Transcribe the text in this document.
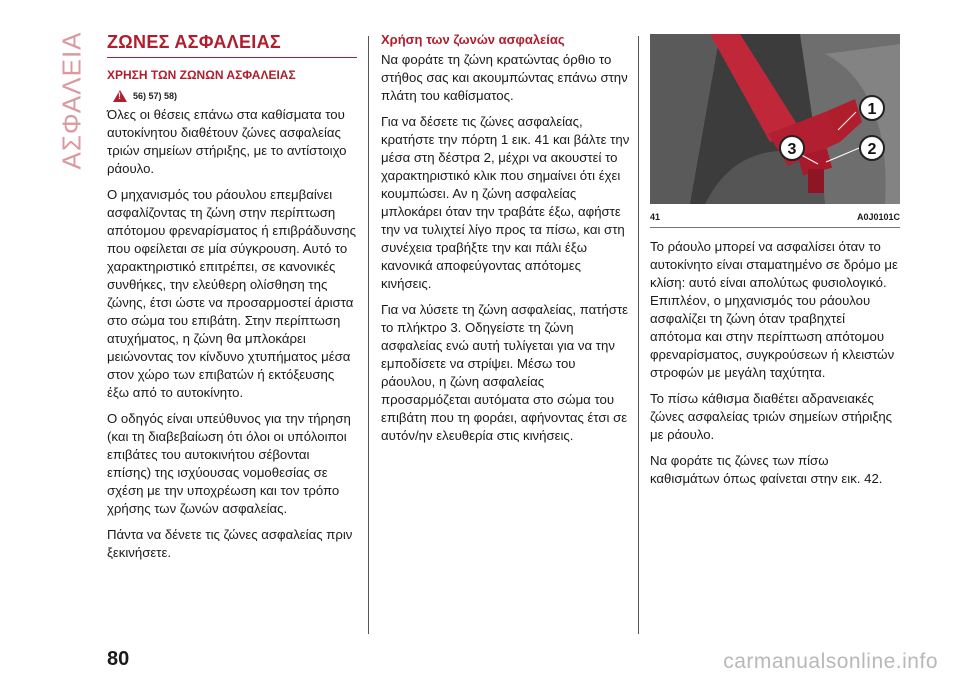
ΑΣΦΑΛΕΙΑ ΖΩΝΕΣ ΑΣΦΑΛΕΙΑΣ
ΧΡΗΣΗ ΤΩΝ ΖΩΝΩΝ ΑΣΦΑΛΕΙΑΣ
!
56) 57) 58)

Όλες οι θέσεις επάνω στα καθίσματα του αυτοκίνητου διαθέτουν ζώνες ασφαλείας τριών σημείων στήριξης, με το αντίστοιχο ράουλο.

Ο μηχανισμός του ράουλου επεμβαίνει ασφαλίζοντας τη ζώνη στην περίπτωση απότομου φρεναρίσματος ή επιβράδυνσης που οφείλεται σε μία σύγκρουση. Αυτό το χαρακτηριστικό επιτρέπει, σε κανονικές συνθήκες, την ελεύθερη ολίσθηση της ζώνης, έτσι ώστε να προσαρμοστεί άριστα στο σώμα του επιβάτη. Στην περίπτωση ατυχήματος, η ζώνη θα μπλοκάρει μειώνοντας τον κίνδυνο χτυπήματος μέσα στον χώρο των επιβατών ή εκτόξευσης έξω από το αυτοκίνητο.

Ο οδηγός είναι υπεύθυνος για την τήρηση (και τη διαβεβαίωση ότι όλοι οι υπόλοιποι επιβάτες του αυτοκινήτου σέβονται επίσης) της ισχύουσας νομοθεσίας σε σχέση με την υποχρέωση και τον τρόπο χρήσης των ζωνών ασφαλείας.

Πάντα να δένετε τις ζώνες ασφαλείας πριν ξεκινήσετε.

Χρήση των ζωνών ασφαλείας

Να φοράτε τη ζώνη κρατώντας όρθιο το στήθος σας και ακουμπώντας επάνω στην πλάτη του καθίσματος.

Για να δέσετε τις ζώνες ασφαλείας, κρατήστε την πόρτη 1 εικ. 41 και βάλτε την μέσα στη δέστρα 2, μέχρι να ακουστεί το χαρακτηριστικό κλικ που σημαίνει ότι έχει κουμπώσει. Αν η ζώνη ασφαλείας μπλοκάρει όταν την τραβάτε έξω, αφήστε την να τυλιχτεί λίγο προς τα πίσω, και στη συνέχεια τραβήξτε την και πάλι έξω κανονικά αποφεύγοντας απότομες κινήσεις.

Για να λύσετε τη ζώνη ασφαλείας, πατήστε το πλήκτρο 3. Οδηγείστε τη ζώνη ασφαλείας ενώ αυτή τυλίγεται για να την εμποδίσετε να στρίψει. Μέσω του ράουλου, η ζώνη ασφαλείας προσαρμόζεται αυτόματα στο σώμα του επιβάτη που τη φοράει, αφήνοντας έτσι σε αυτόν/ην ελευθερία στις κινήσεις.

1
2
3
41	A0J0101C

Το ράουλο μπορεί να ασφαλίσει όταν το αυτοκίνητο είναι σταματημένο σε δρόμο με κλίση: αυτό είναι απολύτως φυσιολογικό. Επιπλέον, ο μηχανισμός του ράουλου ασφαλίζει τη ζώνη όταν τραβηχτεί απότομα και στην περίπτωση απότομου φρεναρίσματος, συγκρούσεων ή κλειστών στροφών με μεγάλη ταχύτητα.

Το πίσω κάθισμα διαθέτει αδρανειακές ζώνες ασφαλείας τριών σημείων στήριξης με ράουλο.

Να φοράτε τις ζώνες των πίσω καθισμάτων όπως φαίνεται στην εικ. 42.

80	carmanualsonline.info
